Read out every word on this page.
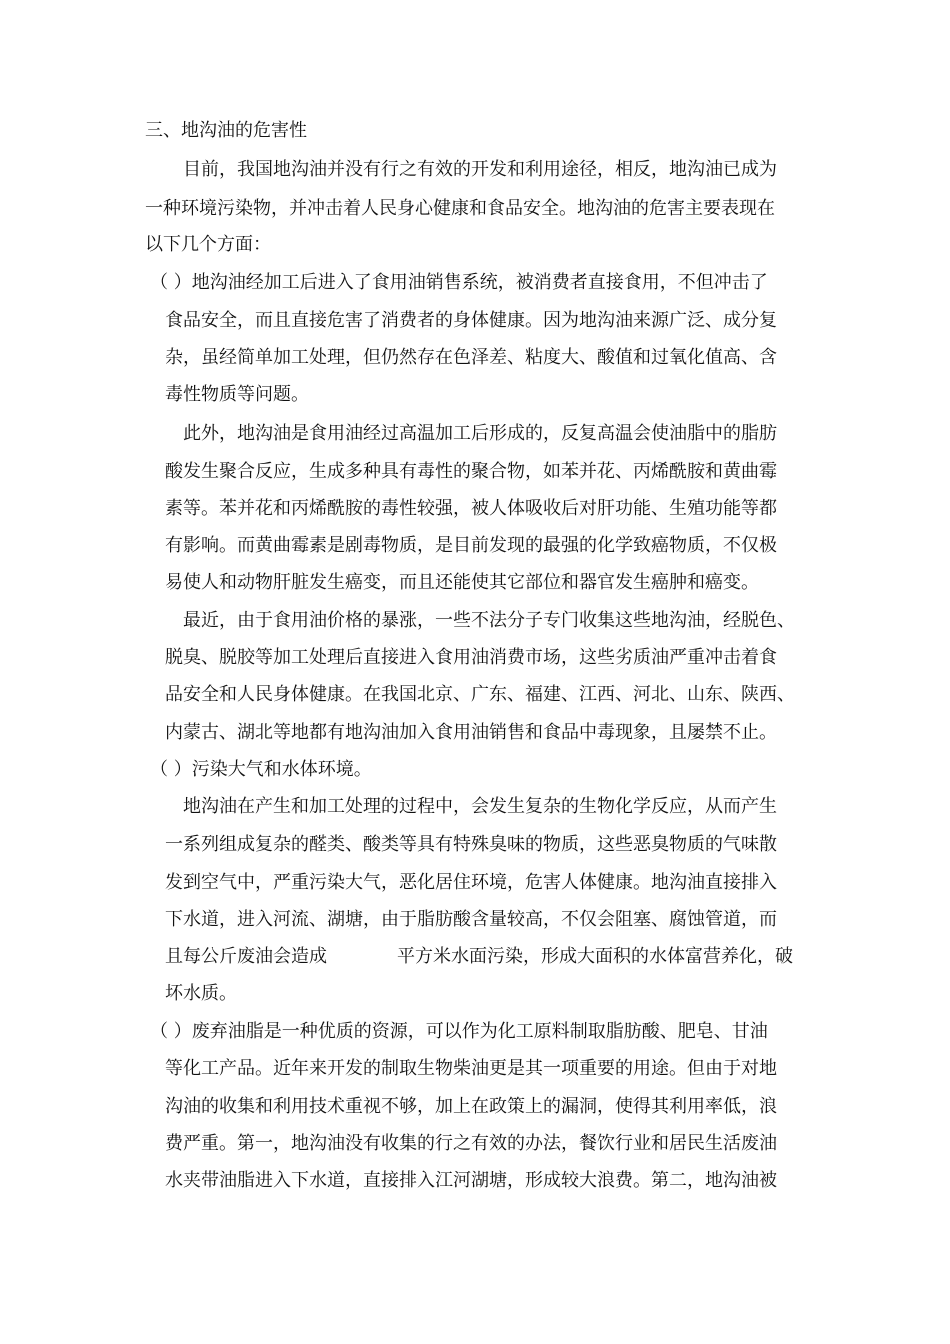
三、地沟油的危害性
目前，我国地沟油并没有行之有效的开发和利用途径，相反，地沟油已成为
一种环境污染物，并冲击着人民身心健康和食品安全。地沟油的危害主要表现在
以下几个方面：
（ ）地沟油经加工后进入了食用油销售系统，被消费者直接食用，不但冲击了
食品安全，而且直接危害了消费者的身体健康。因为地沟油来源广泛、成分复
杂，虽经简单加工处理，但仍然存在色泽差、粘度大、酸值和过氧化值高、含
毒性物质等问题。
此外，地沟油是食用油经过高温加工后形成的，反复高温会使油脂中的脂肪
酸发生聚合反应，生成多种具有毒性的聚合物，如苯并花、丙烯酰胺和黄曲霉
素等。苯并花和丙烯酰胺的毒性较强，被人体吸收后对肝功能、生殖功能等都
有影响。而黄曲霉素是剧毒物质，是目前发现的最强的化学致癌物质，不仅极
易使人和动物肝脏发生癌变，而且还能使其它部位和器官发生癌肿和癌变。
最近，由于食用油价格的暴涨，一些不法分子专门收集这些地沟油，经脱色、
脱臭、脱胶等加工处理后直接进入食用油消费市场，这些劣质油严重冲击着食
品安全和人民身体健康。在我国北京、广东、福建、江西、河北、山东、陕西、
内蒙古、湖北等地都有地沟油加入食用油销售和食品中毒现象，且屡禁不止。
（ ）污染大气和水体环境。
地沟油在产生和加工处理的过程中，会发生复杂的生物化学反应，从而产生
一系列组成复杂的醛类、酸类等具有特殊臭味的物质，这些恶臭物质的气味散
发到空气中，严重污染大气，恶化居住环境，危害人体健康。地沟油直接排入
下水道，进入河流、湖塘，由于脂肪酸含量较高，不仅会阻塞、腐蚀管道，而
且每公斤废油会造成	平方米水面污染，形成大面积的水体富营养化，破
坏水质。
（ ）废弃油脂是一种优质的资源，可以作为化工原料制取脂肪酸、肥皂、甘油
等化工产品。近年来开发的制取生物柴油更是其一项重要的用途。但由于对地
沟油的收集和利用技术重视不够，加上在政策上的漏洞，使得其利用率低，浪
费严重。第一，地沟油没有收集的行之有效的办法，餐饮行业和居民生活废油
水夹带油脂进入下水道，直接排入江河湖塘，形成较大浪费。第二，地沟油被
